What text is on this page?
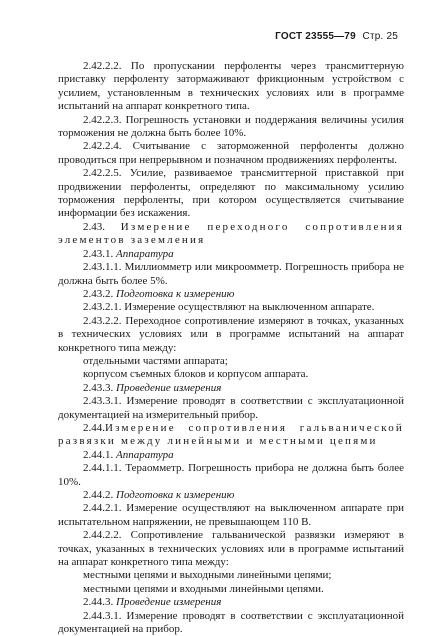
ГОСТ 23555—79 Стр. 25

2.42.2.2. По пропускании перфоленты через трансмиттерную приставку перфоленту затормаживают фрикционным устройством с усилием, установленным в технических условиях или в программе испытаний на аппарат конкретного типа.

2.42.2.3. Погрешность установки и поддержания величины усилия торможения не должна быть более 10%.

2.42.2.4. Считывание с заторможенной перфоленты должно проводиться при непрерывном и позначном продвижениях перфоленты.

2.42.2.5. Усилие, развиваемое трансмиттерной приставкой при продвижении перфоленты, определяют по максимальному усилию торможения перфоленты, при котором осуществляется считывание информации без искажения.

2.43. Измерение переходного сопротивления элементов заземления

2.43.1. Аппаратура

2.43.1.1. Миллиомметр или микроомметр. Погрешность прибора не должна быть более 5%.

2.43.2. Подготовка к измерению

2.43.2.1. Измерение осуществляют на выключенном аппарате.

2.43.2.2. Переходное сопротивление измеряют в точках, указанных в технических условиях или в программе испытаний на аппарат конкретного типа между:

отдельными частями аппарата;

корпусом съемных блоков и корпусом аппарата.

2.43.3. Проведение измерения

2.43.3.1. Измерение проводят в соответствии с эксплуатационной документацией на измерительный прибор.

2.44.Измерение сопротивления гальванической развязки между линейными и местными цепями

2.44.1. Аппаратура

2.44.1.1. Тераомметр. Погрешность прибора не должна быть более 10%.

2.44.2. Подготовка к измерению

2.44.2.1. Измерение осуществляют на выключенном аппарате при испытательном напряжении, не превышающем 110 В.

2.44.2.2. Сопротивление гальванической развязки измеряют в точках, указанных в технических условиях или в программе испытаний на аппарат конкретного типа между:

местными цепями и выходными линейными цепями;

местными цепями и входными линейными цепями.

2.44.3. Проведение измерения

2.44.3.1. Измерение проводят в соответствии с эксплуатационной документацией на прибор.
